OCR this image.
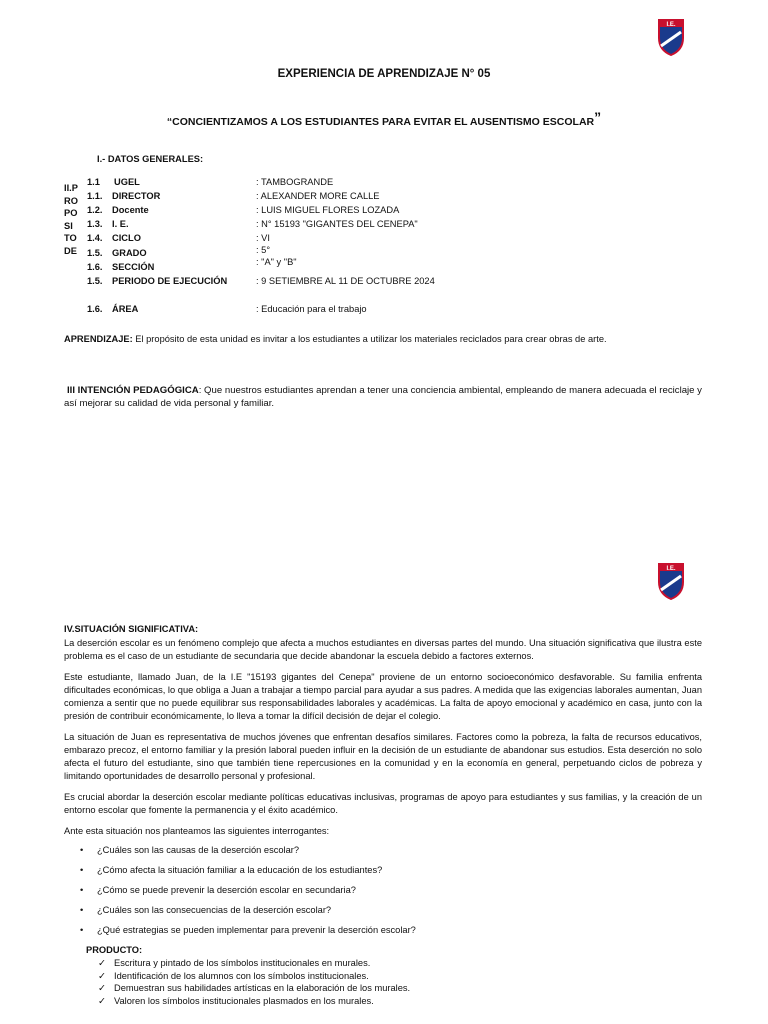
I.E.
EXPERIENCIA DE APRENDIZAJE N° 05
“CONCIENTIZAMOS A LOS ESTUDIANTES PARA EVITAR EL AUSENTISMO ESCOLAR”
I.- DATOS GENERALES:
II.PROPOSITO DE
1.1 UGEL	: TAMBOGRANDE
1.1. DIRECTOR	: ALEXANDER MORE CALLE
1.2. Docente	: LUIS MIGUEL FLORES LOZADA
1.3. I. E.	: N° 15193 "GIGANTES DEL CENEPA"
1.4. CICLO	: VI
1.5. GRADO	: 5°
1.6. SECCIÓN	: "A" y "B"
1.5. PERIODO DE EJECUCIÓN	: 9 SETIEMBRE AL 11 DE OCTUBRE 2024
1.6. ÁREA	: Educación para el trabajo
APRENDIZAJE: El propósito de esta unidad es invitar a los estudiantes a utilizar los materiales reciclados para crear obras de arte.
III INTENCIÓN PEDAGÓGICA: Que nuestros estudiantes aprendan a tener una conciencia ambiental, empleando de manera adecuada el reciclaje y así mejorar su calidad de vida personal y familiar.
I.E.
IV.SITUACIÓN SIGNIFICATIVA:

La deserción escolar es un fenómeno complejo que afecta a muchos estudiantes en diversas partes del mundo. Una situación significativa que ilustra este problema es el caso de un estudiante de secundaria que decide abandonar la escuela debido a factores externos.

Este estudiante, llamado Juan, de la I.E "15193 gigantes del Cenepa" proviene de un entorno socioeconómico desfavorable. Su familia enfrenta dificultades económicas, lo que obliga a Juan a trabajar a tiempo parcial para ayudar a sus padres. A medida que las exigencias laborales aumentan, Juan comienza a sentir que no puede equilibrar sus responsabilidades laborales y académicas. La falta de apoyo emocional y académico en casa, junto con la presión de contribuir económicamente, lo lleva a tomar la difícil decisión de dejar el colegio.

La situación de Juan es representativa de muchos jóvenes que enfrentan desafíos similares. Factores como la pobreza, la falta de recursos educativos, embarazo precoz, el entorno familiar y la presión laboral pueden influir en la decisión de un estudiante de abandonar sus estudios. Esta deserción no solo afecta el futuro del estudiante, sino que también tiene repercusiones en la comunidad y en la economía en general, perpetuando ciclos de pobreza y limitando oportunidades de desarrollo personal y profesional.

Es crucial abordar la deserción escolar mediante políticas educativas inclusivas, programas de apoyo para estudiantes y sus familias, y la creación de un entorno escolar que fomente la permanencia y el éxito académico.

Ante esta situación nos planteamos las siguientes interrogantes:

• ¿Cuáles son las causas de la deserción escolar?
• ¿Cómo afecta la situación familiar a la educación de los estudiantes?
• ¿Cómo se puede prevenir la deserción escolar en secundaria?
• ¿Cuáles son las consecuencias de la deserción escolar?
• ¿Qué estrategias se pueden implementar para prevenir la deserción escolar?
PRODUCTO:
✓ Escritura y pintado de los símbolos institucionales en murales.
✓ Identificación de los alumnos con los símbolos institucionales.
✓ Demuestran sus habilidades artísticas en la elaboración de los murales.
✓ Valoren los símbolos institucionales plasmados en los murales.
